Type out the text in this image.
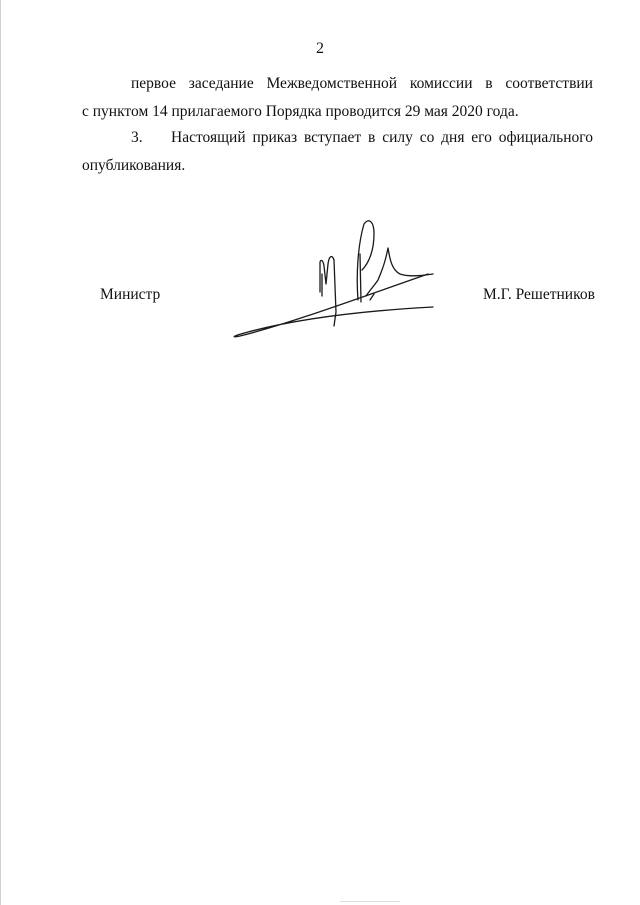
2
первое заседание Межведомственной комиссии в соответствии
с пунктом 14 прилагаемого Порядка проводится 29 мая 2020 года.
3.	Настоящий приказ вступает в силу со дня его официального
опубликования.
Министр	М.Г. Решетников
